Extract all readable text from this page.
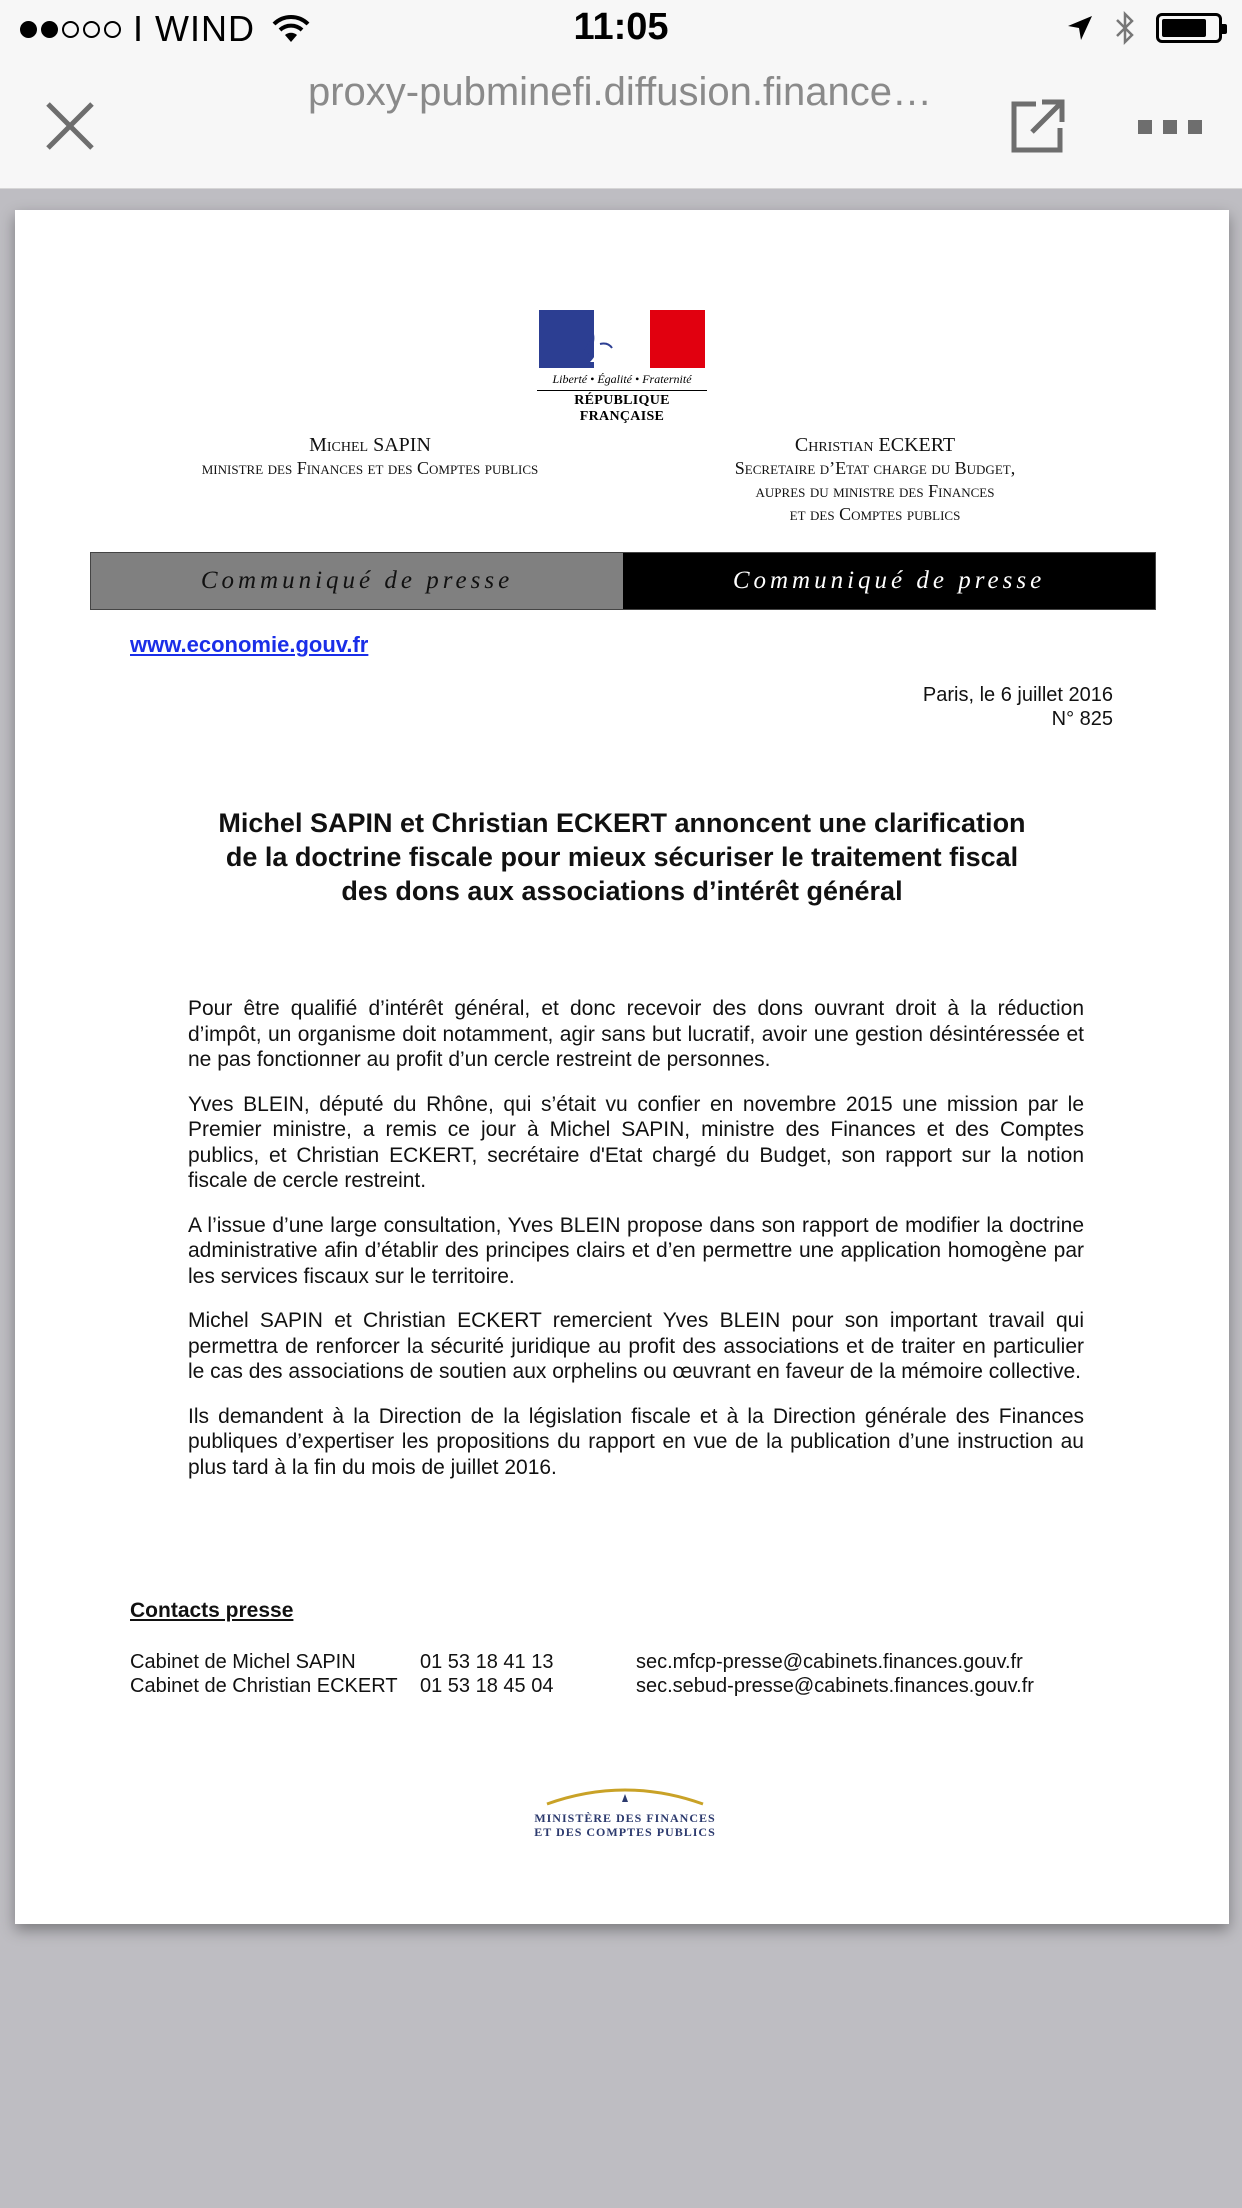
I WIND	11:05
proxy-pubminefi.diffusion.finance…
Liberté • Égalité • Fraternité
RÉPUBLIQUE FRANÇAISE
Michel SAPIN
ministre des Finances et des Comptes publics
Christian ECKERT
Secretaire d’Etat charge du Budget,
aupres du ministre des Finances
et des Comptes publics
Communiqué de presse	Communiqué de presse
www.economie.gouv.fr
Paris, le 6 juillet 2016
N° 825
Michel SAPIN et Christian ECKERT annoncent une clarification
de la doctrine fiscale pour mieux sécuriser le traitement fiscal
des dons aux associations d’intérêt général

Pour être qualifié d’intérêt général, et donc recevoir des dons ouvrant droit à la réduction d’impôt, un organisme doit notamment, agir sans but lucratif, avoir une gestion désintéressée et ne pas fonctionner au profit d’un cercle restreint de personnes.

Yves BLEIN, député du Rhône, qui s’était vu confier en novembre 2015 une mission par le Premier ministre, a remis ce jour à Michel SAPIN, ministre des Finances et des Comptes publics, et Christian ECKERT, secrétaire d'Etat chargé du Budget, son rapport sur la notion fiscale de cercle restreint.

A l’issue d’une large consultation, Yves BLEIN propose dans son rapport de modifier la doctrine administrative afin d’établir des principes clairs et d’en permettre une application homogène par les services fiscaux sur le territoire.

Michel SAPIN et Christian ECKERT remercient Yves BLEIN pour son important travail qui permettra de renforcer la sécurité juridique au profit des associations et de traiter en particulier le cas des associations de soutien aux orphelins ou œuvrant en faveur de la mémoire collective.

Ils demandent à la Direction de la législation fiscale et à la Direction générale des Finances publiques d’expertiser les propositions du rapport en vue de la publication d’une instruction au plus tard à la fin du mois de juillet 2016.

Contacts presse
Cabinet de Michel SAPIN	01 53 18 41 13	sec.mfcp-presse@cabinets.finances.gouv.fr
Cabinet de Christian ECKERT	01 53 18 45 04	sec.sebud-presse@cabinets.finances.gouv.fr
MINISTÈRE DES FINANCES
ET DES COMPTES PUBLICS
